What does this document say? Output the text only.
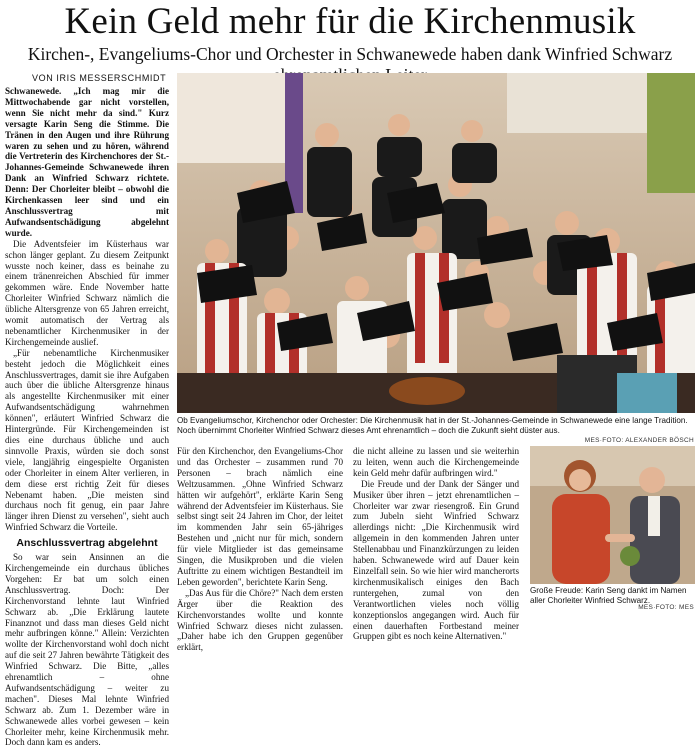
Kein Geld mehr für die Kirchenmusik
Kirchen-, Evangeliums-Chor und Orchester in Schwanewede haben dank Winfried Schwarz
VON IRIS MESSERSCHMIDT

Schwanewede. „Ich mag mir die Mittwochabende gar nicht vorstellen, wenn Sie nicht mehr da sind." Kurz versagte Karin Seng die Stimme. Die Tränen in den Augen und ihre Rührung waren zu sehen und zu hören, während die Vertreterin des Kirchenchores der St.-Johannes-Gemeinde Schwanewede ihren Dank an Winfried Schwarz richtete. Denn: Der Chorleiter bleibt – obwohl die Kirchenkassen leer sind und ein Anschlussvertrag mit Aufwandsentschädigung abgelehnt wurde.

Die Adventsfeier im Küsterhaus war schon länger geplant. Zu diesem Zeitpunkt wusste noch keiner, dass es beinahe zu einem tränenreichen Abschied für immer gekommen wäre. Ende November hatte Chorleiter Winfried Schwarz nämlich die übliche Altersgrenze von 65 Jahren erreicht, womit automatisch der Vertrag als nebenamtlicher Kirchenmusiker in der Kirchengemeinde auslief.

„Für nebenamtliche Kirchenmusiker besteht jedoch die Möglichkeit eines Anschlussvertrages, damit sie ihre Aufgaben auch über die übliche Altersgrenze hinaus als angestellte Kirchenmusiker mit einer Aufwandsentschädigung wahrnehmen können", erläutert Winfried Schwarz die Hintergründe. Für Kirchengemeinden ist dies eine durchaus übliche und auch sinnvolle Praxis, würden sie doch sonst viele, langjährig eingespielte Organisten oder Chorleiter in einem Alter verlieren, in dem diese erst richtig Zeit für dieses Nebenamt haben. „Die meisten sind durchaus noch fit genug, ein paar Jahre länger ihren Dienst zu versehen", sieht auch Winfried Schwarz die Vorteile.

Anschlussvertrag abgelehnt

So war sein Ansinnen an die Kirchengemeinde ein durchaus übliches Vorgehen: Er bat um solch einen Anschlussvertrag. Doch: Der Kirchenvorstand lehnte laut Winfried Schwarz ab. „Die Erklärung lautete Finanznot und dass man dieses Geld nicht mehr aufbringen könne." Allein: Verzichten wollte der Kirchenvorstand wohl doch nicht auf die seit 27 Jahren bewährte Tätigkeit des Winfried Schwarz. Die Bitte, „alles ehrenamtlich – ohne Aufwandsentschädigung – weiter zu machen". Dieses Mal lehnte Winfried Schwarz ab. Zum 1. Dezember wäre in Schwanewede alles vorbei gewesen – kein Chorleiter mehr, keine Kirchenmusik mehr. Doch dann kam es anders.

Ob Evangeliumschor, Kirchenchor oder Orchester: Die Kirchenmusik hat in der St.-Johannes-Gemeinde in Schwanewede eine lange Tradition. Noch übernimmt Chorleiter Winfried Schwarz dieses Amt ehrenamtlich – doch die Zukunft sieht düster aus.
MES·FOTO: ALEXANDER BÖSCH

Für den Kirchenchor, den Evangeliums-Chor und das Orchester – zusammen rund 70 Personen – brach nämlich eine Weltzusammen. „Ohne Winfried Schwarz hätten wir aufgehört", erklärte Karin Seng während der Adventsfeier im Küsterhaus. Sie selbst singt seit 24 Jahren im Chor, der leitet im kommenden Jahr sein 65-jähriges Bestehen und „nicht nur für mich, sondern für viele Mitglieder ist das gemeinsame Singen, die Musikproben und die vielen Auftritte zu einem wichtigen Bestandteil im Leben geworden", berichtete Karin Seng.

„Das Aus für die Chöre?" Nach dem ersten Ärger über die Reaktion des Kirchenvorstandes wollte und konnte Winfried Schwarz dieses nicht zulassen. „Daher habe ich den Gruppen gegenüber erklärt,

die nicht alleine zu lassen und sie weiterhin zu leiten, wenn auch die Kirchengemeinde kein Geld mehr dafür aufbringen wird."

Die Freude und der Dank der Sänger und Musiker über ihren – jetzt ehrenamtlichen – Chorleiter war zwar riesengroß. Ein Grund zum Jubeln sieht Winfried Schwarz allerdings nicht: „Die Kirchenmusik wird allgemein in den kommenden Jahren unter Stellenabbau und Finanzkürzungen zu leiden haben. Schwanewede wird auf Dauer kein Einzelfall sein. So wie hier wird mancherorts kirchenmusikalisch einiges den Bach runtergehen, zumal von den Verantwortlichen vieles noch völlig konzeptionslos angegangen wird. Auch für einen dauerhaften Fortbestand meiner Gruppen gibt es noch keine Alternativen."

Große Freude: Karin Seng dankt im Namen aller Chorleiter Winfried Schwarz.
MES·FOTO: MES
